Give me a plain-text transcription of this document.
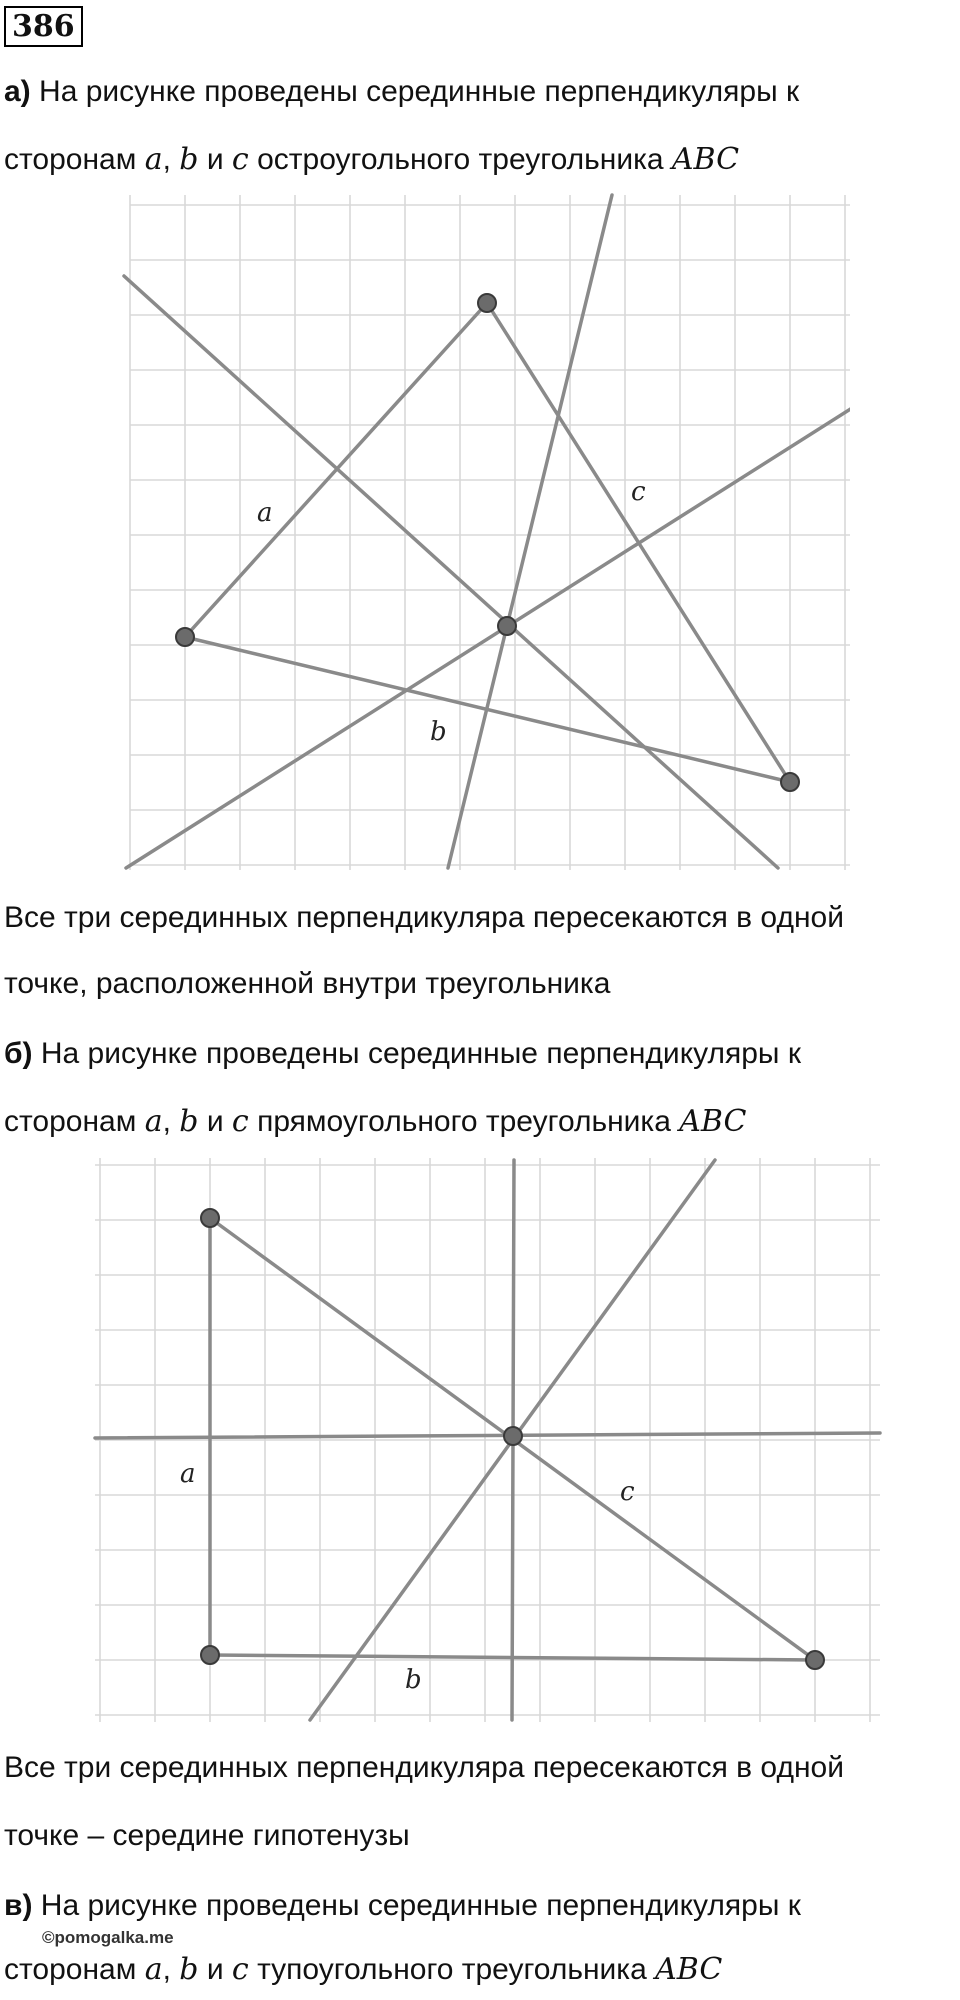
386
а) На рисунке проведены серединные перпендикуляры к
сторонам a, b и c остроугольного треугольника ABC
a
c
b
Все три серединных перпендикуляра пересекаются в одной
точке, расположенной внутри треугольника
б) На рисунке проведены серединные перпендикуляры к
сторонам a, b и c прямоугольного треугольника ABC
a
c
b
Все три серединных перпендикуляра пересекаются в одной
точке – середине гипотенузы
в) На рисунке проведены серединные перпендикуляры к
©pomogalka.me
сторонам a, b и c тупоугольного треугольника ABC
